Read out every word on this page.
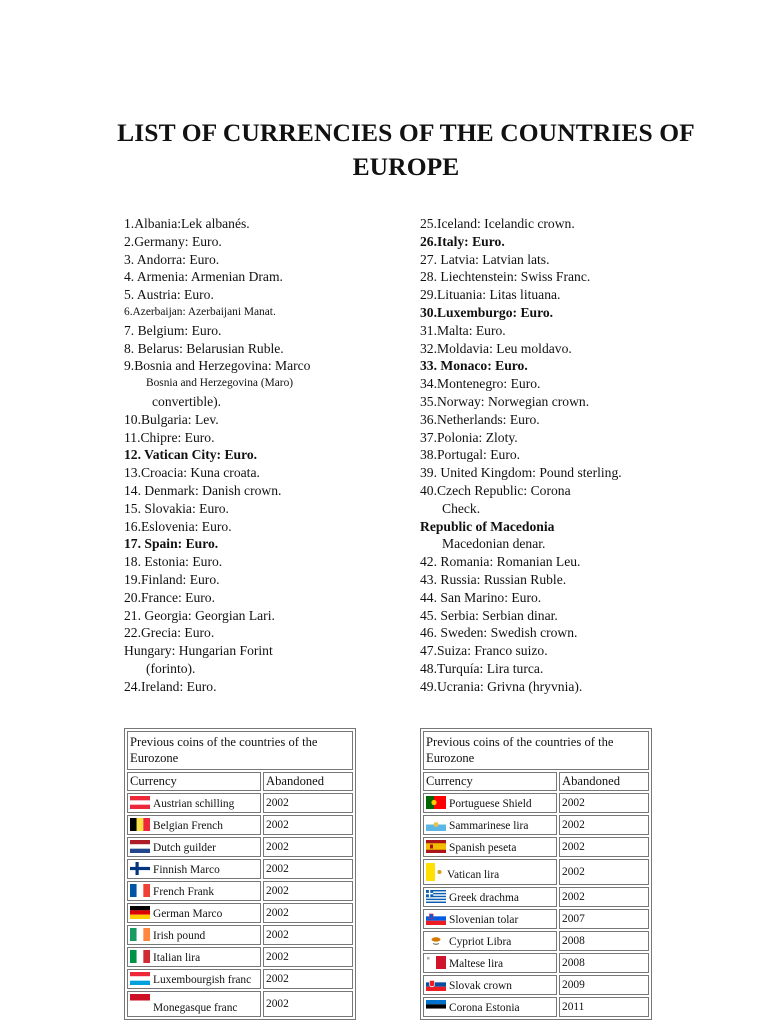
LIST OF CURRENCIES OF THE COUNTRIES OF
EUROPE
1.Albania:Lek albanés.
2.Germany: Euro.
3. Andorra: Euro.
4. Armenia: Armenian Dram.
5. Austria: Euro.
6.Azerbaijan: Azerbaijani Manat.
7. Belgium: Euro.
8. Belarus: Belarusian Ruble.
9.Bosnia and Herzegovina: Marco
Bosnia and Herzegovina (Maro)
convertible).
10.Bulgaria: Lev.
11.Chipre: Euro.
12. Vatican City: Euro.
13.Croacia: Kuna croata.
14. Denmark: Danish crown.
15. Slovakia: Euro.
16.Eslovenia: Euro.
17. Spain: Euro.
18. Estonia: Euro.
19.Finland: Euro.
20.France: Euro.
21. Georgia: Georgian Lari.
22.Grecia: Euro.
Hungary: Hungarian Forint
(forinto).
24.Ireland: Euro.
25.Iceland: Icelandic crown.
26.Italy: Euro.
27. Latvia: Latvian lats.
28. Liechtenstein: Swiss Franc.
29.Lituania: Litas lituana.
30.Luxemburgo: Euro.
31.Malta: Euro.
32.Moldavia: Leu moldavo.
33. Monaco: Euro.
34.Montenegro: Euro.
35.Norway: Norwegian crown.
36.Netherlands: Euro.
37.Polonia: Zloty.
38.Portugal: Euro.
39. United Kingdom: Pound sterling.
40.Czech Republic: Corona
Check.
Republic of Macedonia
Macedonian denar.
42. Romania: Romanian Leu.
43. Russia: Russian Ruble.
44. San Marino: Euro.
45. Serbia: Serbian dinar.
46. Sweden: Swedish crown.
47.Suiza: Franco suizo.
48.Turquía: Lira turca.
49.Ucrania: Grivna (hryvnia).
Previous coins of the countries of the Eurozone	
Currency	Abandoned

Austrian schilling	2002

Belgian French	2002

Dutch guilder	2002

Finnish Marco	2002

French Frank	2002

German Marco	2002

Irish pound	2002

Italian lira	2002

Luxembourgish franc	2002

Monegasque franc	2002
Previous coins of the countries of the Eurozone	
Currency	Abandoned

Portuguese Shield	2002

Sammarinese lira	2002

Spanish peseta	2002

Vatican lira	2002

Greek drachma	2002

Slovenian tolar	2007

Cypriot Libra	2008

Maltese lira	2008

Slovak crown	2009

Corona Estonia	2011
